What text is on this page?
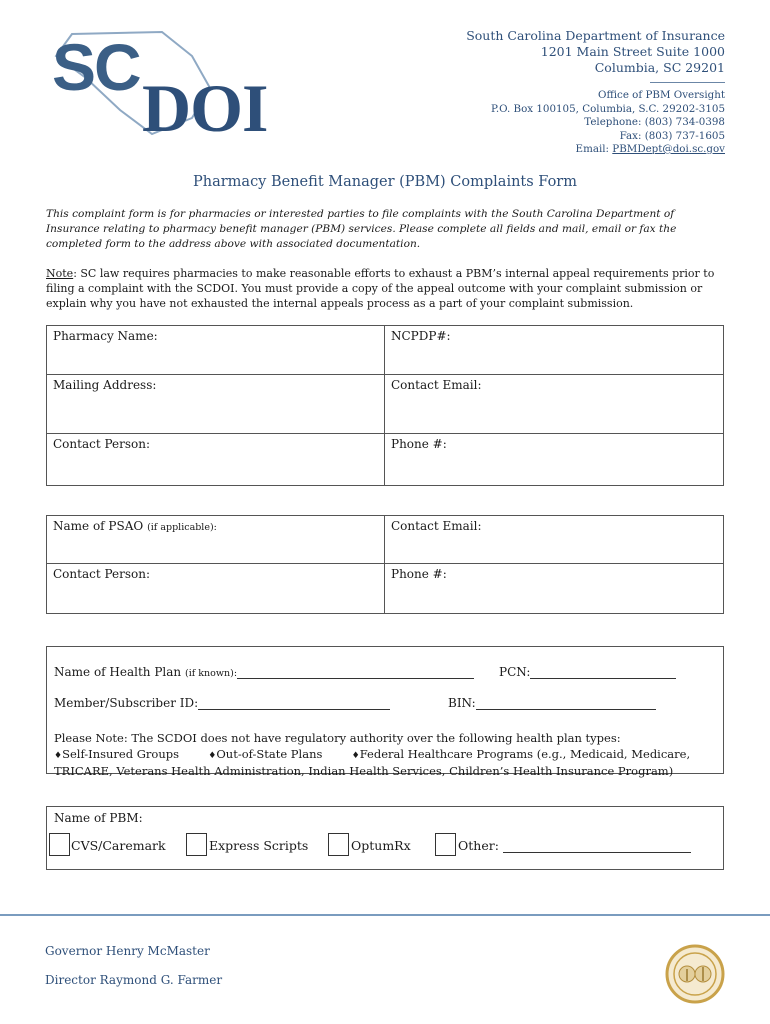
SC
DOI
South Carolina Department of Insurance
1201 Main Street Suite 1000
Columbia, SC 29201
Office of PBM Oversight
P.O. Box 100105, Columbia, S.C. 29202-3105
Telephone: (803) 734-0398
Fax: (803) 737-1605
Email: PBMDept@doi.sc.gov
Pharmacy Benefit Manager (PBM) Complaints Form
This complaint form is for pharmacies or interested parties to file complaints with the South Carolina Department of Insurance relating to pharmacy benefit manager (PBM) services. Please complete all fields and mail, email or fax the completed form to the address above with associated documentation.
Note: SC law requires pharmacies to make reasonable efforts to exhaust a PBM’s internal appeal requirements prior to filing a complaint with the SCDOI. You must provide a copy of the appeal outcome with your complaint submission or explain why you have not exhausted the internal appeals process as a part of your complaint submission.
Pharmacy Name:	NCPDP#:
Mailing Address:	Contact Email:
Contact Person:	Phone #:
Name of PSAO (if applicable):	Contact Email:
Contact Person:	Phone #:
Name of Health Plan (if known):	PCN:
Member/Subscriber ID:	BIN:
Please Note: The SCDOI does not have regulatory authority over the following health plan types:
♦Self-Insured Groups	♦Out-of-State Plans	♦Federal Healthcare Programs (e.g., Medicaid, Medicare,
TRICARE, Veterans Health Administration, Indian Health Services, Children’s Health Insurance Program)
Name of PBM:
CVS/Caremark	Express Scripts	OptumRx	Other:
Governor Henry McMaster
Director Raymond G. Farmer
